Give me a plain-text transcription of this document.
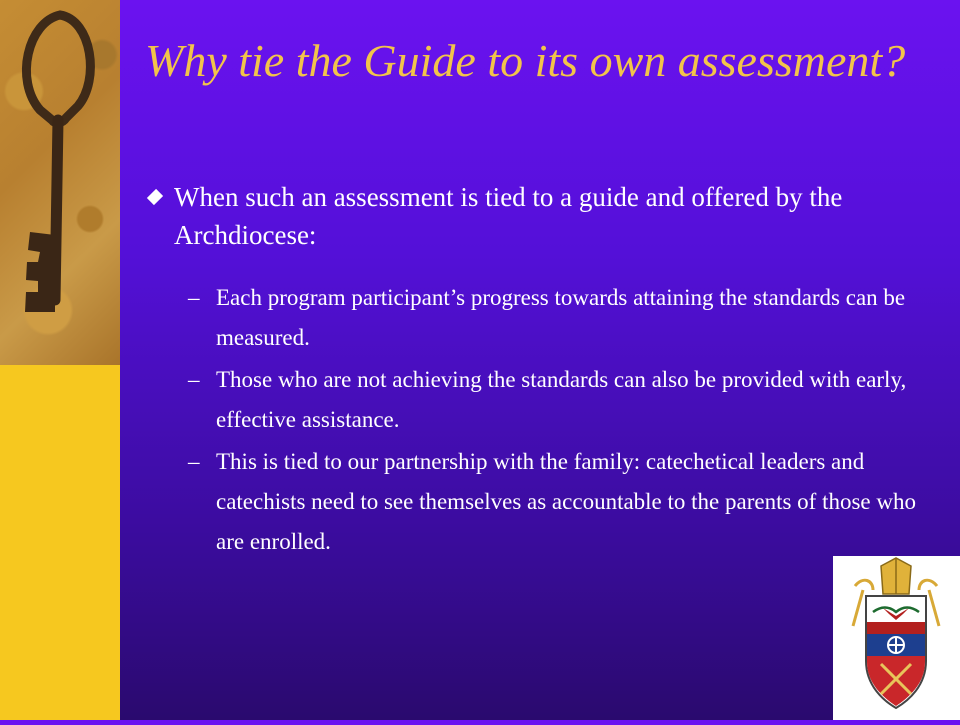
Why tie the Guide to its own assessment?
When such an assessment is tied to a guide and offered by the Archdiocese:
– Each program participant’s progress towards attaining the standards can be measured.
– Those who are not achieving the standards can also be provided with early, effective assistance.
– This is tied to our partnership with the family: catechetical leaders and catechists need to see themselves as accountable to the parents of those who are enrolled.
